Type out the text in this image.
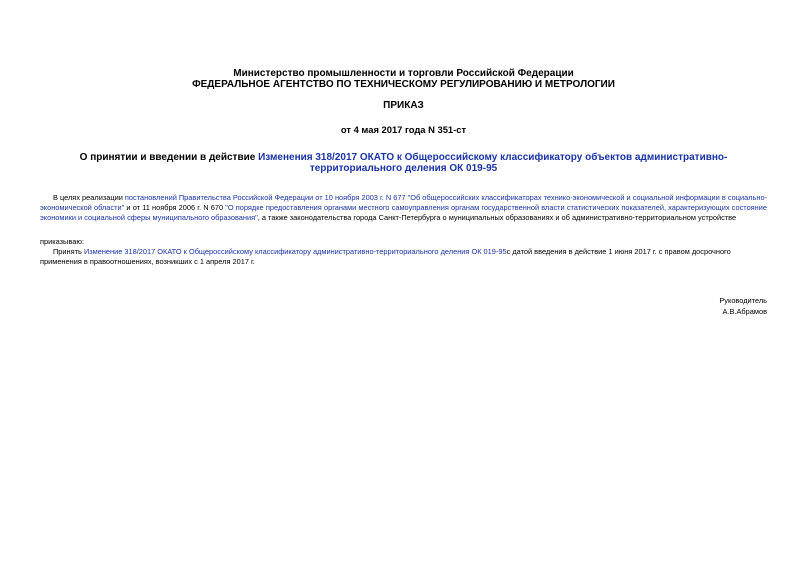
Министерство промышленности и торговли Российской Федерации
ФЕДЕРАЛЬНОЕ АГЕНТСТВО ПО ТЕХНИЧЕСКОМУ РЕГУЛИРОВАНИЮ И МЕТРОЛОГИИ
ПРИКАЗ
от 4 мая 2017 года N 351-ст
О принятии и введении в действие Изменения 318/2017 ОКАТО к Общероссийскому классификатору объектов административно-территориального деления ОК 019-95
В целях реализации постановлений Правительства Российской Федерации от 10 ноября 2003 г. N 677 "Об общероссийских классификаторах технико-экономической и социальной информации в социально-экономической области" и от 11 ноября 2006 г. N 670 "О порядке предоставления органами местного самоуправления органам государственной власти статистических показателей, характеризующих состояние экономики и социальной сферы муниципального образования", а также законодательства города Санкт-Петербурга о муниципальных образованиях и об административно-территориальном устройстве
приказываю:
Принять Изменение 318/2017 ОКАТО к Общероссийскому классификатору административно-территориального деления ОК 019-95с датой введения в действие 1 июня 2017 г. с правом досрочного применения в правоотношениях, возникших с 1 апреля 2017 г.
Руководитель
А.В.Абрамов
